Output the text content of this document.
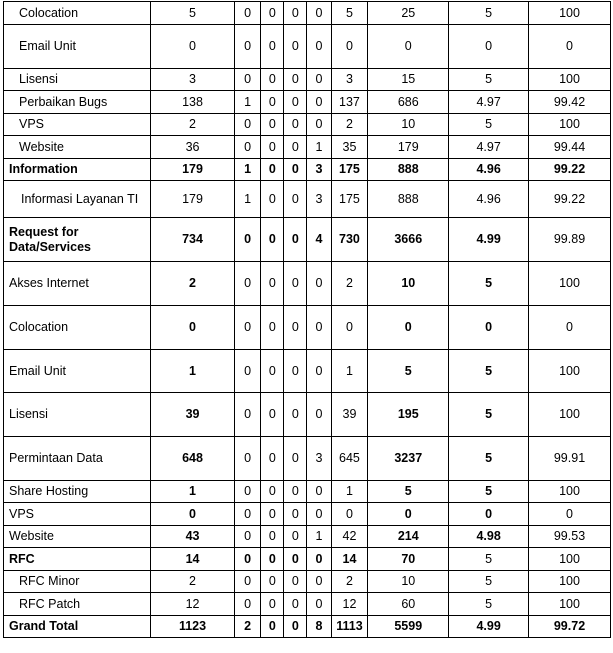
Colocation	5	0	0	0	0	5	25	5	100
Email Unit	0	0	0	0	0	0	0	0	0
Lisensi	3	0	0	0	0	3	15	5	100
Perbaikan Bugs	138	1	0	0	0	137	686	4.97	99.42
VPS	2	0	0	0	0	2	10	5	100
Website	36	0	0	0	1	35	179	4.97	99.44
Information	179	1	0	0	3	175	888	4.96	99.22
Informasi Layanan TI	179	1	0	0	3	175	888	4.96	99.22
Request for Data/Services	734	0	0	0	4	730	3666	4.99	99.89
Akses Internet	2	0	0	0	0	2	10	5	100
Colocation	0	0	0	0	0	0	0	0	0
Email Unit	1	0	0	0	0	1	5	5	100
Lisensi	39	0	0	0	0	39	195	5	100
Permintaan Data	648	0	0	0	3	645	3237	5	99.91
Share Hosting	1	0	0	0	0	1	5	5	100
VPS	0	0	0	0	0	0	0	0	0
Website	43	0	0	0	1	42	214	4.98	99.53
RFC	14	0	0	0	0	14	70	5	100
RFC Minor	2	0	0	0	0	2	10	5	100
RFC Patch	12	0	0	0	0	12	60	5	100
Grand Total	1123	2	0	0	8	1113	5599	4.99	99.72
